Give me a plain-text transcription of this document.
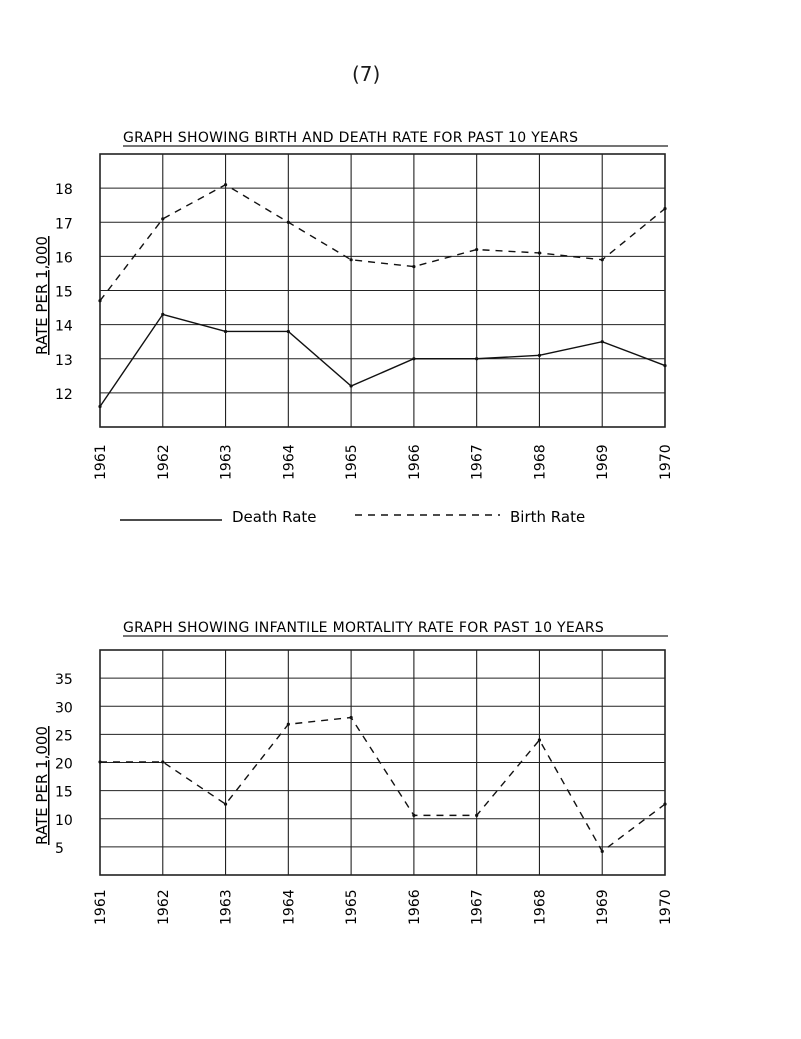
(7)
GRAPH SHOWING BIRTH AND DEATH RATE FOR PAST 10 YEARS
RATE PER 1,000
GRAPH SHOWING INFANTILE MORTALITY RATE FOR PAST 10 YEARS
RATE PER 1,000
Death Rate	Birth Rate
18
17
16
15
14
13
12
1961	1962	1963	1964	1965	1966	1967	1968	1969	1970
35
30
25
20
15
10
5
1961	1962	1963	1964	1965	1966	1967	1968	1969	1970
